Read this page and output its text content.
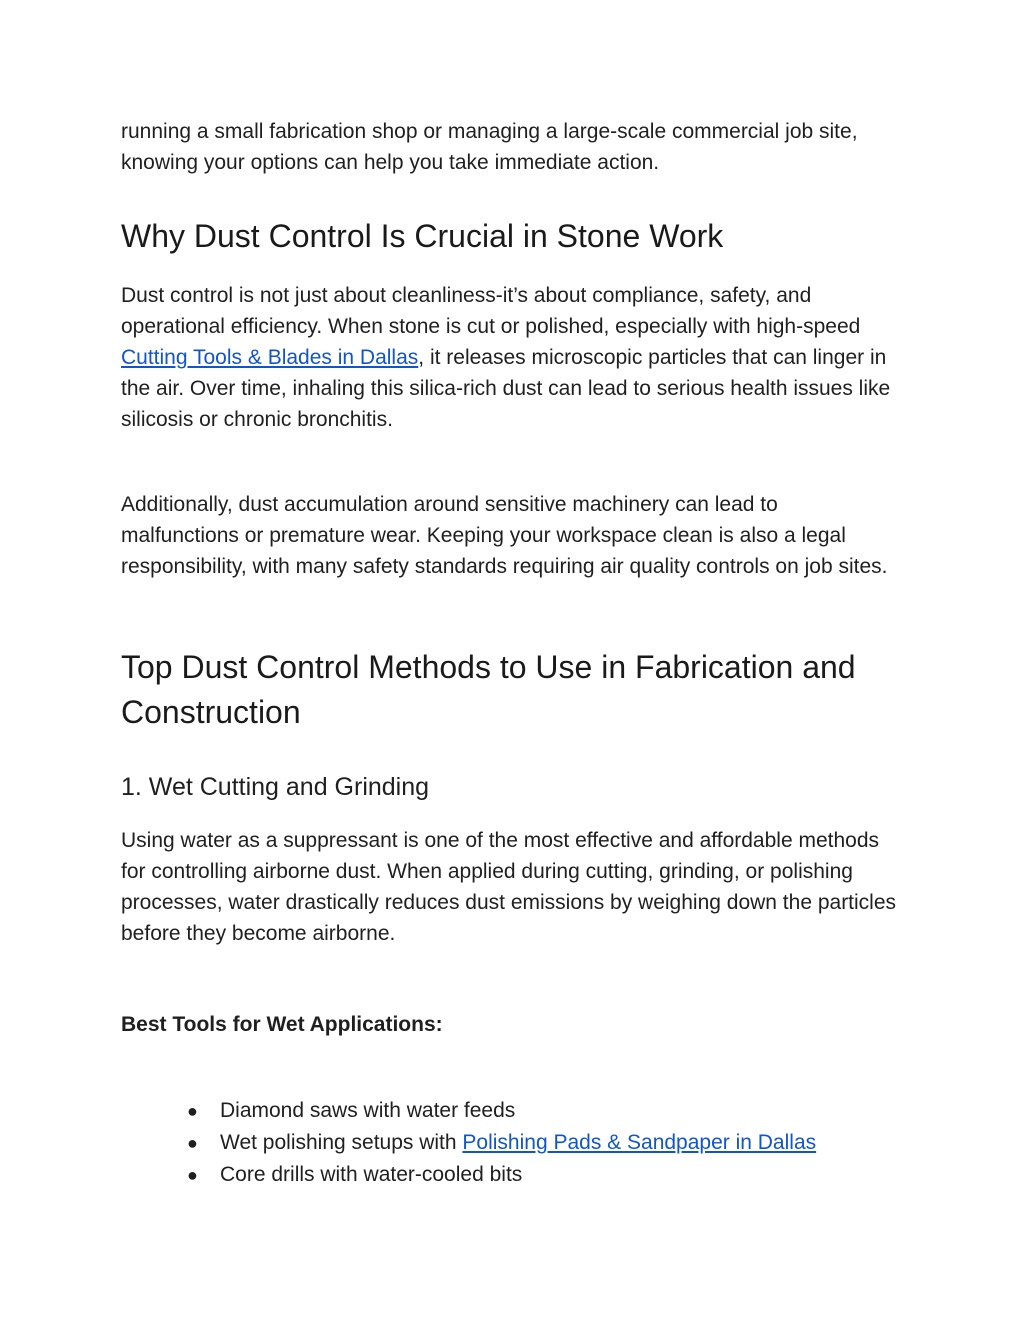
running a small fabrication shop or managing a large-scale commercial job site, knowing your options can help you take immediate action.

Why Dust Control Is Crucial in Stone Work

Dust control is not just about cleanliness-it’s about compliance, safety, and operational efficiency. When stone is cut or polished, especially with high-speed Cutting Tools & Blades in Dallas, it releases microscopic particles that can linger in the air. Over time, inhaling this silica-rich dust can lead to serious health issues like silicosis or chronic bronchitis.

Additionally, dust accumulation around sensitive machinery can lead to malfunctions or premature wear. Keeping your workspace clean is also a legal responsibility, with many safety standards requiring air quality controls on job sites.

Top Dust Control Methods to Use in Fabrication and Construction
1. Wet Cutting and Grinding

Using water as a suppressant is one of the most effective and affordable methods for controlling airborne dust. When applied during cutting, grinding, or polishing processes, water drastically reduces dust emissions by weighing down the particles before they become airborne.

Best Tools for Wet Applications:

● Diamond saws with water feeds
● Wet polishing setups with Polishing Pads & Sandpaper in Dallas
● Core drills with water-cooled bits
